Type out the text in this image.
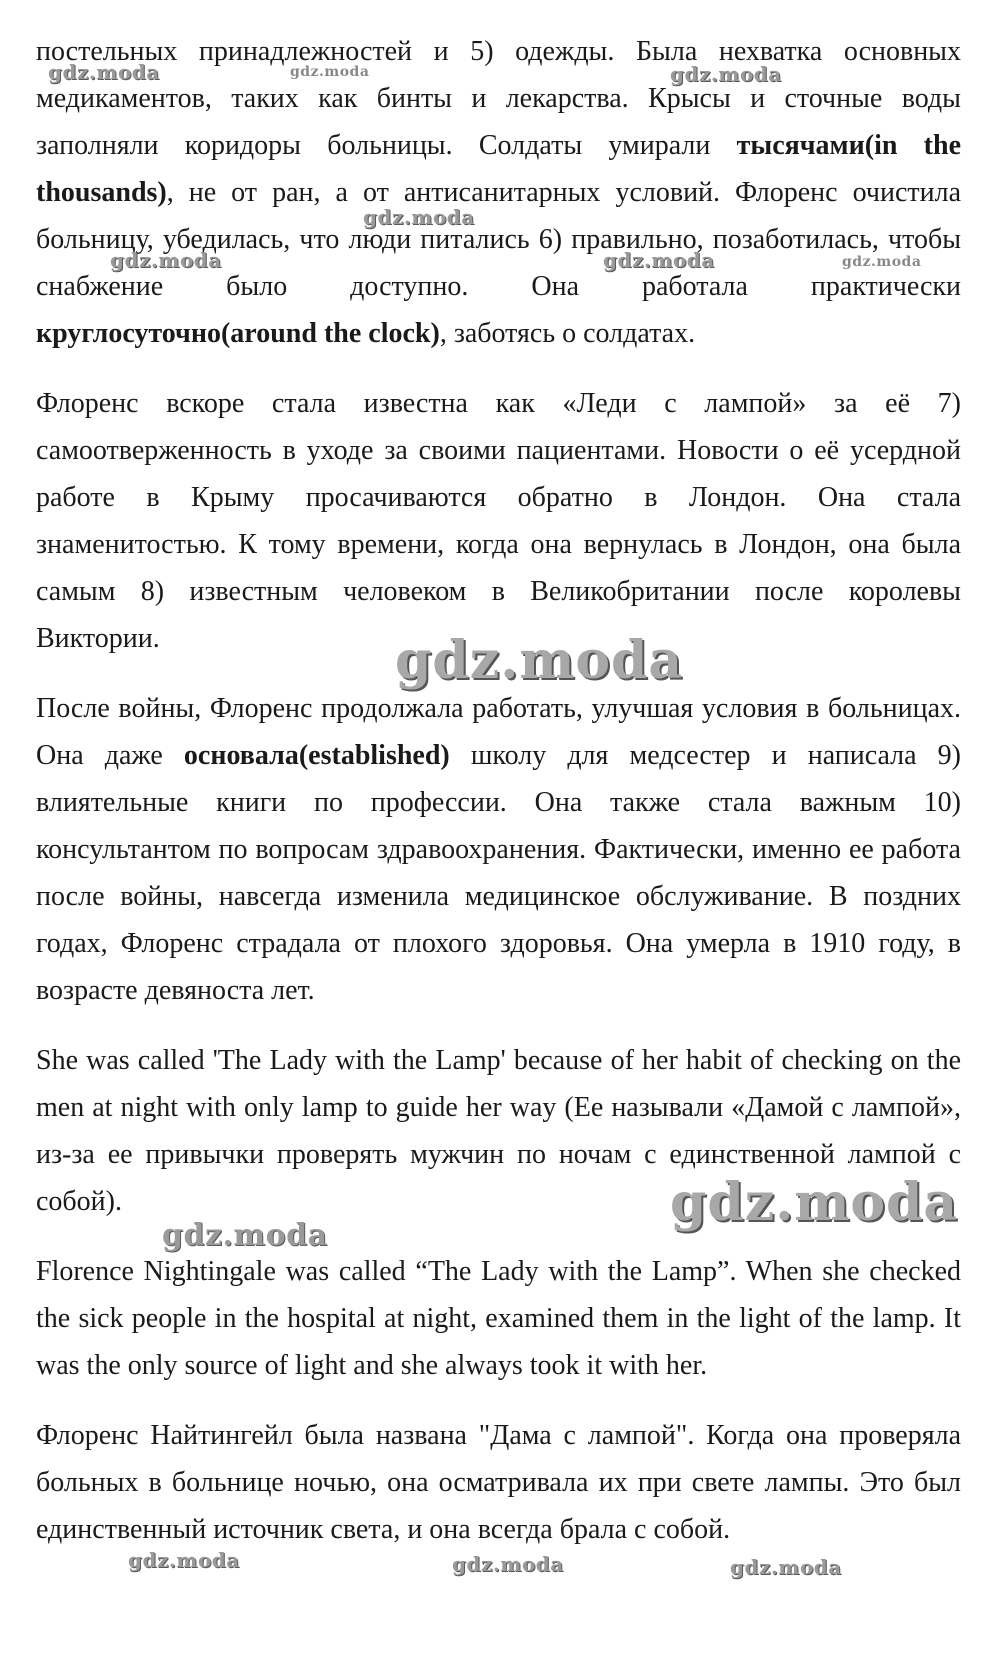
постельных принадлежностей и 5) одежды. Была нехватка основных медикаментов, таких как бинты и лекарства. Крысы и сточные воды заполняли коридоры больницы. Солдаты умирали тысячами(in the thousands), не от ран, а от антисанитарных условий. Флоренс очистила больницу, убедилась, что люди питались 6) правильно, позаботилась, чтобы снабжение было доступно. Она работала практически круглосуточно(around the clock), заботясь о солдатах.

Флоренс вскоре стала известна как «Леди с лампой» за её 7) самоотверженность в уходе за своими пациентами. Новости о её усердной работе в Крыму просачиваются обратно в Лондон. Она стала знаменитостью. К тому времени, когда она вернулась в Лондон, она была самым 8) известным человеком в Великобритании после королевы Виктории.

После войны, Флоренс продолжала работать, улучшая условия в больницах. Она даже основала(established) школу для медсестер и написала 9) влиятельные книги по профессии. Она также стала важным 10) консультантом по вопросам здравоохранения. Фактически, именно ее работа после войны, навсегда изменила медицинское обслуживание. В поздних годах, Флоренс страдала от плохого здоровья. Она умерла в 1910 году, в возрасте девяноста лет.

She was called 'The Lady with the Lamp' because of her habit of checking on the men at night with only lamp to guide her way (Ее называли «Дамой с лампой», из-за ее привычки проверять мужчин по ночам с единственной лампой с собой).

Florence Nightingale was called “The Lady with the Lamp”. When she checked the sick people in the hospital at night, examined them in the light of the lamp. It was the only source of light and she always took it with her.

Флоренс Найтингейл была названа "Дама с лампой". Когда она проверяла больных в больнице ночью, она осматривала их при свете лампы. Это был единственный источник света, и она всегда брала с собой.

gdz.moda	gdz.moda	gdz.moda
gdz.moda
gdz.moda	gdz.moda	gdz.moda
gdz.moda
gdz.moda
gdz.moda
gdz.moda	gdz.moda	gdz.moda
